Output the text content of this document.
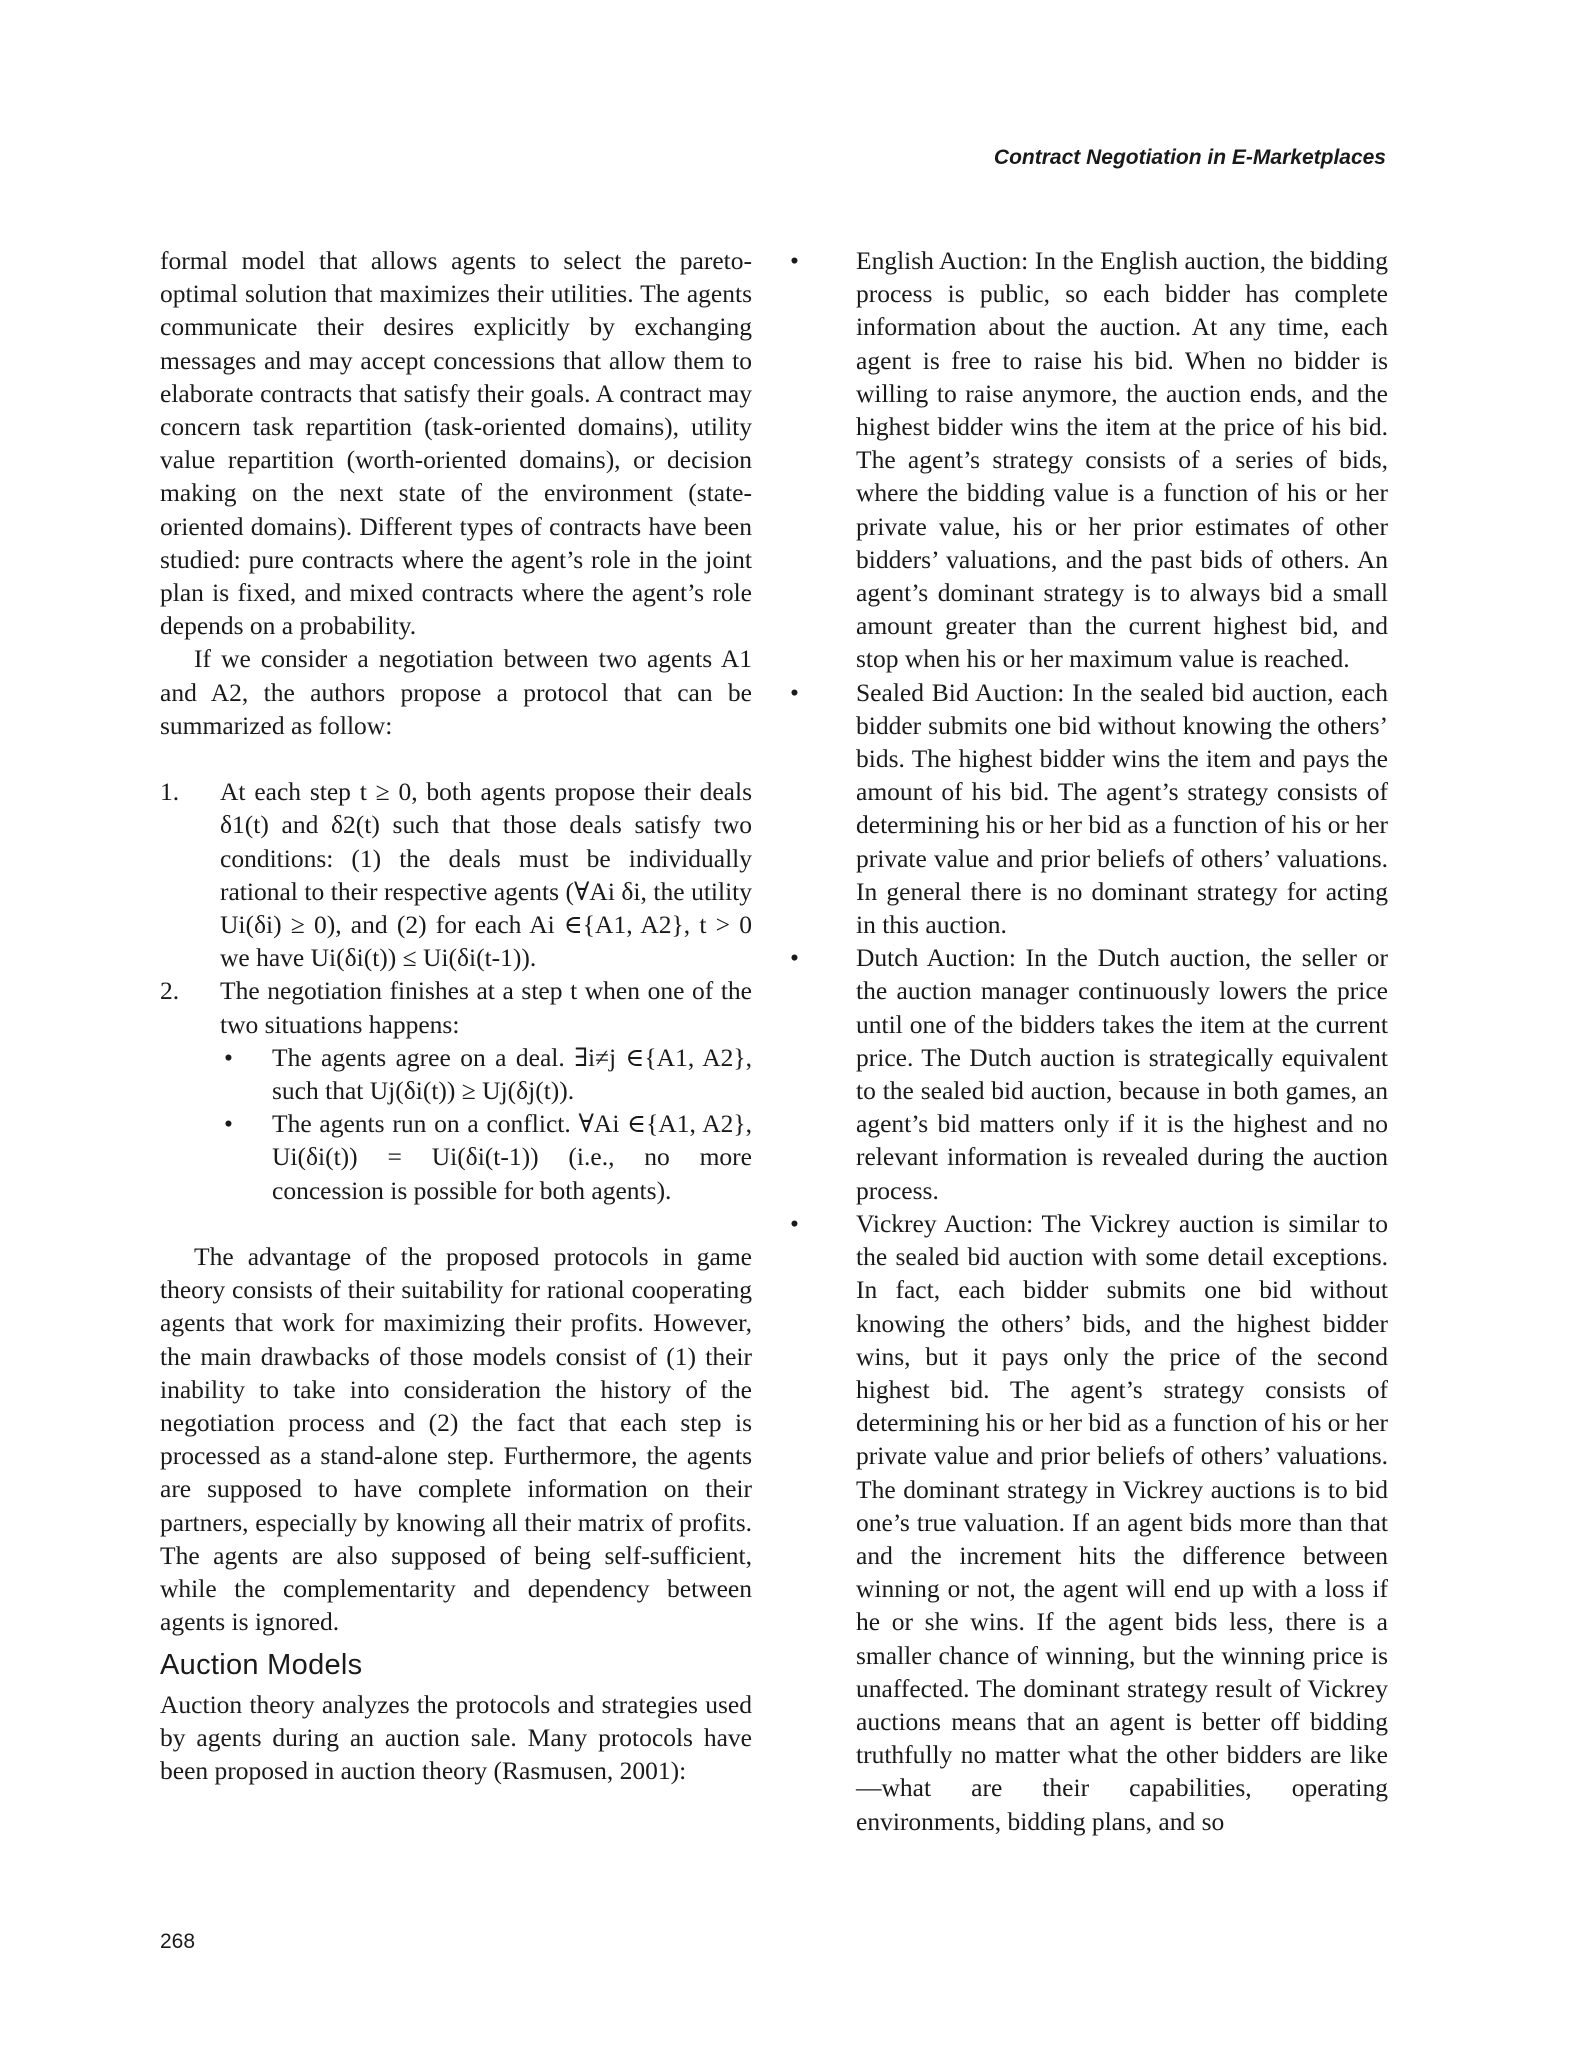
Contract Negotiation in E-Marketplaces

formal model that allows agents to select the pareto-optimal solution that maximizes their utilities. The agents communicate their desires explicitly by exchanging messages and may accept concessions that allow them to elaborate contracts that satisfy their goals. A contract may concern task repartition (task-oriented domains), utility value repartition (worth-oriented domains), or decision making on the next state of the environment (state-oriented domains). Different types of contracts have been studied: pure contracts where the agent’s role in the joint plan is fixed, and mixed contracts where the agent’s role depends on a probability.

If we consider a negotiation between two agents A1 and A2, the authors propose a protocol that can be summarized as follow:

1. At each step t ≥ 0, both agents propose their deals δ1(t) and δ2(t) such that those deals satisfy two conditions: (1) the deals must be individually rational to their respective agents (∀Ai δi, the utility Ui(δi) ≥ 0), and (2) for each Ai ∈{A1, A2}, t > 0 we have Ui(δi(t)) ≤ Ui(δi(t-1)).
2. The negotiation finishes at a step t when one of the two situations happens:
• The agents agree on a deal. ∃i≠j ∈{A1, A2}, such that Uj(δi(t)) ≥ Uj(δj(t)).
• The agents run on a conflict. ∀Ai ∈{A1, A2}, Ui(δi(t)) = Ui(δi(t-1)) (i.e., no more concession is possible for both agents).

The advantage of the proposed protocols in game theory consists of their suitability for rational cooperating agents that work for maximizing their profits. However, the main drawbacks of those models consist of (1) their inability to take into consideration the history of the negotiation process and (2) the fact that each step is processed as a stand-alone step. Furthermore, the agents are supposed to have complete information on their partners, especially by knowing all their matrix of profits. The agents are also supposed of being self-sufficient, while the complementarity and dependency between agents is ignored.

Auction Models

Auction theory analyzes the protocols and strategies used by agents during an auction sale. Many protocols have been proposed in auction theory (Rasmusen, 2001):

• English Auction: In the English auction, the bidding process is public, so each bidder has complete information about the auction. At any time, each agent is free to raise his bid. When no bidder is willing to raise anymore, the auction ends, and the highest bidder wins the item at the price of his bid. The agent’s strategy consists of a series of bids, where the bidding value is a function of his or her private value, his or her prior estimates of other bidders’ valuations, and the past bids of others. An agent’s dominant strategy is to always bid a small amount greater than the current highest bid, and stop when his or her maximum value is reached.
• Sealed Bid Auction: In the sealed bid auction, each bidder submits one bid without knowing the others’ bids. The highest bidder wins the item and pays the amount of his bid. The agent’s strategy consists of determining his or her bid as a function of his or her private value and prior beliefs of others’ valuations. In general there is no dominant strategy for acting in this auction.
• Dutch Auction: In the Dutch auction, the seller or the auction manager continuously lowers the price until one of the bidders takes the item at the current price. The Dutch auction is strategically equivalent to the sealed bid auction, because in both games, an agent’s bid matters only if it is the highest and no relevant information is revealed during the auction process.
• Vickrey Auction: The Vickrey auction is similar to the sealed bid auction with some detail exceptions. In fact, each bidder submits one bid without knowing the others’ bids, and the highest bidder wins, but it pays only the price of the second highest bid. The agent’s strategy consists of determining his or her bid as a function of his or her private value and prior beliefs of others’ valuations. The dominant strategy in Vickrey auctions is to bid one’s true valuation. If an agent bids more than that and the increment hits the difference between winning or not, the agent will end up with a loss if he or she wins. If the agent bids less, there is a smaller chance of winning, but the winning price is unaffected. The dominant strategy result of Vickrey auctions means that an agent is better off bidding truthfully no matter what the other bidders are like—what are their capabilities, operating environments, bidding plans, and so
268
